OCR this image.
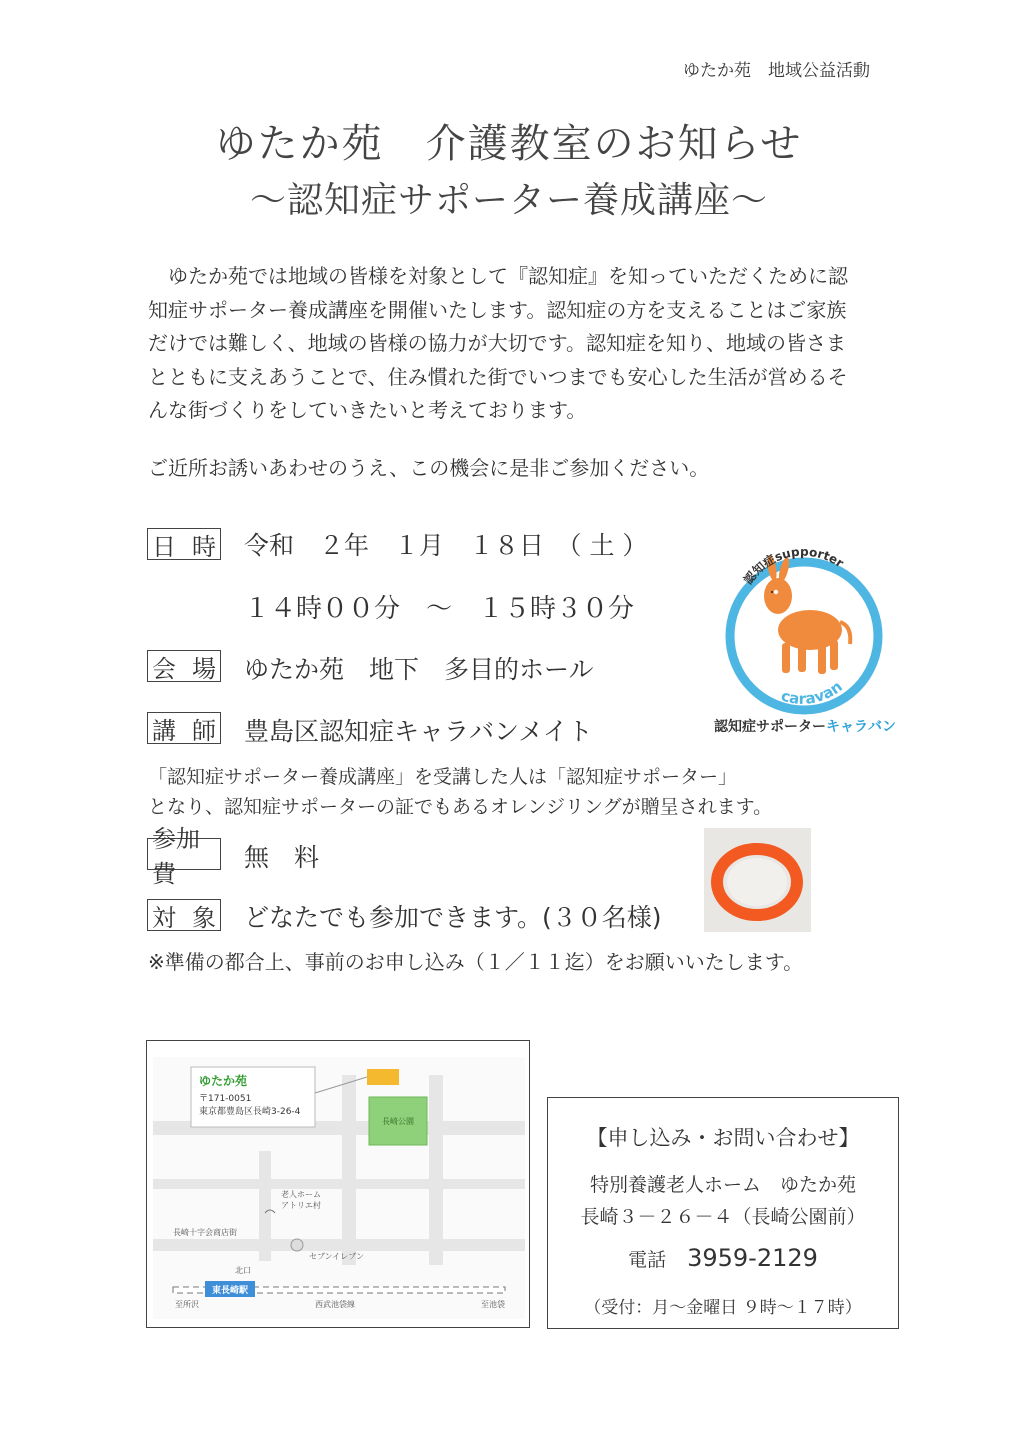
ゆたか苑　地域公益活動
ゆたか苑　介護教室のお知らせ
～認知症サポーター養成講座～

ゆたか苑では地域の皆様を対象として『認知症』を知っていただくために認

知症サポーター養成講座を開催いたします。認知症の方を支えることはご家族

だけでは難しく、地域の皆様の協力が大切です。認知症を知り、地域の皆さま

とともに支えあうことで、住み慣れた街でいつまでも安心した生活が営めるそ

んな街づくりをしていきたいと考えております。

ご近所お誘いあわせのうえ、この機会に是非ご参加ください。
日 時 令和　２年　１月　１８日　（ 土 ）
１４時００分　～　１５時３０分
会 場 ゆたか苑　地下　多目的ホール
講 師 豊島区認知症キャラバンメイト
「認知症サポーター養成講座」を受講した人は「認知症サポーター」
となり、認知症サポーターの証でもあるオレンジリングが贈呈されます。
参加費
無　料
対 象 どなたでも参加できます。(３０名様)
※準備の都合上、事前のお申し込み（１／１１迄）をお願いいたします。
認知症supporter
caravan
認知症サポーターキャラバン
ゆたか苑
〒171-0051
東京都豊島区長崎3-26-4
長崎公園
老人ホーム
アトリエ村
長崎十字会商店街
セブンイレブン
北口
東長崎駅
至所沢	西武池袋線	至池袋
【申し込み・お問い合わせ】
特別養護老人ホーム　ゆたか苑
長崎３－２６－４（長崎公園前）
電話 3959-2129
（受付：月～金曜日 ９時～１７時）
